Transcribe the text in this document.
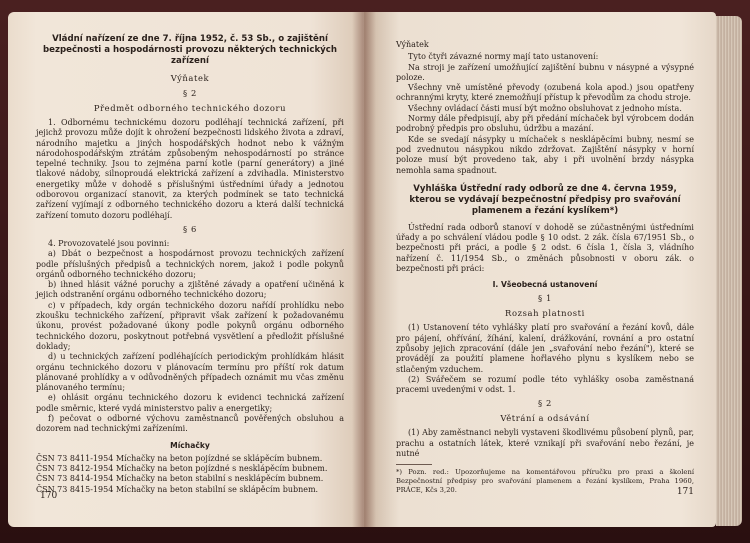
Vládní nařízení ze dne 7. října 1952, č. 53 Sb., o zajištění bezpečnosti a hospodárnosti provozu některých technických zařízení

Výňatek

§ 2

Předmět odborného technického dozoru

1. Odbornému technickému dozoru podléhají technická zařízení, při jejichž provozu může dojít k ohrožení bezpečnosti lidského života a zdraví, národního majetku a jiných hospodářských hodnot nebo k vážným národohospodářským ztrátám způsobeným nehospodárností po stránce tepelné techniky. Jsou to zejména parní kotle (parní generátory) a jiné tlakové nádoby, silnoproudá elektrická zařízení a zdvihadla. Ministerstvo energetiky může v dohodě s příslušnými ústředními úřady a jednotou odborovou organizací stanovit, za kterých podmínek se tato technická zařízení vyjímají z odborného technického dozoru a která další technická zařízení tomuto dozoru podléhají.

§ 6

4. Provozovatelé jsou povinni:

a) Dbát o bezpečnost a hospodárnost provozu technických zařízení podle příslušných předpisů a technických norem, jakož i podle pokynů orgánů odborného technického dozoru;

b) ihned hlásit vážné poruchy a zjištěné závady a opatření učiněná k jejich odstranění orgánu odborného technického dozoru;

c) v případech, kdy orgán technického dozoru nařídí prohlídku nebo zkoušku technického zařízení, připravit však zařízení k požadovanému úkonu, provést požadované úkony podle pokynů orgánu odborného technického dozoru, poskytnout potřebná vysvětlení a předložit příslušné doklady;

d) u technických zařízení podléhajících periodickým prohlídkám hlásit orgánu technického dozoru v plánovacím termínu pro příští rok datum plánované prohlídky a v odůvodněných případech oznámit mu včas změnu plánovaného termínu;

e) ohlásit orgánu technického dozoru k evidenci technická zařízení podle směrnic, které vydá ministerstvo paliv a energetiky;

f) pečovat o odborné výchovu zaměstnanců pověřených obsluhou a dozorem nad technickými zařízeními.

Míchačky

ČSN 73 8411-1954 Míchačky na beton pojízdné se sklápěcím bubnem.

ČSN 73 8412-1954 Míchačky na beton pojízdné s nesklápěcím bubnem.

ČSN 73 8414-1954 Míchačky na beton stabilní s nesklápěcím bubnem.

ČSN 73 8415-1954 Míchačky na beton stabilní se sklápěcím bubnem.

170

Výňatek

Tyto čtyři závazné normy mají tato ustanovení:

Na stroji je zařízení umožňující zajištění bubnu v násypné a výsypné poloze.

Všechny vně umístěné převody (ozubená kola apod.) jsou opatřeny ochrannými kryty, které znemožňují přístup k převodům za chodu stroje.

Všechny ovládací části musí být možno obsluhovat z jednoho místa.

Normy dále předpisují, aby při předání míchaček byl výrobcem dodán podrobný předpis pro obsluhu, údržbu a mazání.

Kde se svedají násypky u míchaček s nesklápěcími bubny, nesmí se pod zvednutou násypkou nikdo zdržovat. Zajištění násypky v horní poloze musí být provedeno tak, aby i při uvolnění brzdy násypka nemohla sama spadnout.

Vyhláška Ústřední rady odborů ze dne 4. června 1959, kterou se vydávají bezpečnostní předpisy pro svařování plamenem a řezání kyslíkem*)

Ústřední rada odborů stanoví v dohodě se zúčastněnými ústředními úřady a po schválení vládou podle § 10 odst. 2 zák. čísla 67/1951 Sb., o bezpečnosti při práci, a podle § 2 odst. 6 čísla 1, čísla 3, vládního nařízení č. 11/1954 Sb., o změnách působnosti v oboru zák. o bezpečnosti při práci:

I. Všeobecná ustanovení

§ 1

Rozsah platnosti

(1) Ustanovení této vyhlášky platí pro svařování a řezání kovů, dále pro pájení, ohřívání, žíhání, kalení, drážkování, rovnání a pro ostatní způsoby jejich zpracování (dále jen „svařování nebo řezání"), které se provádějí za použití plamene hořlavého plynu s kyslíkem nebo se stlačeným vzduchem.

(2) Svářečem se rozumí podle této vyhlášky osoba zaměstnaná pracemi uvedenými v odst. 1.

§ 2

Větrání a odsávání

(1) Aby zaměstnanci nebyli vystaveni škodlivému působení plynů, par, prachu a ostatních látek, které vznikají při svařování nebo řezání, je nutné

*) Pozn. red.: Upozorňujeme na komentářovou příručku pro praxi a školení Bezpečnostní předpisy pro svařování plamenem a řezání kyslíkem, Praha 1960, PRÁCE, Kčs 3,20.	171
